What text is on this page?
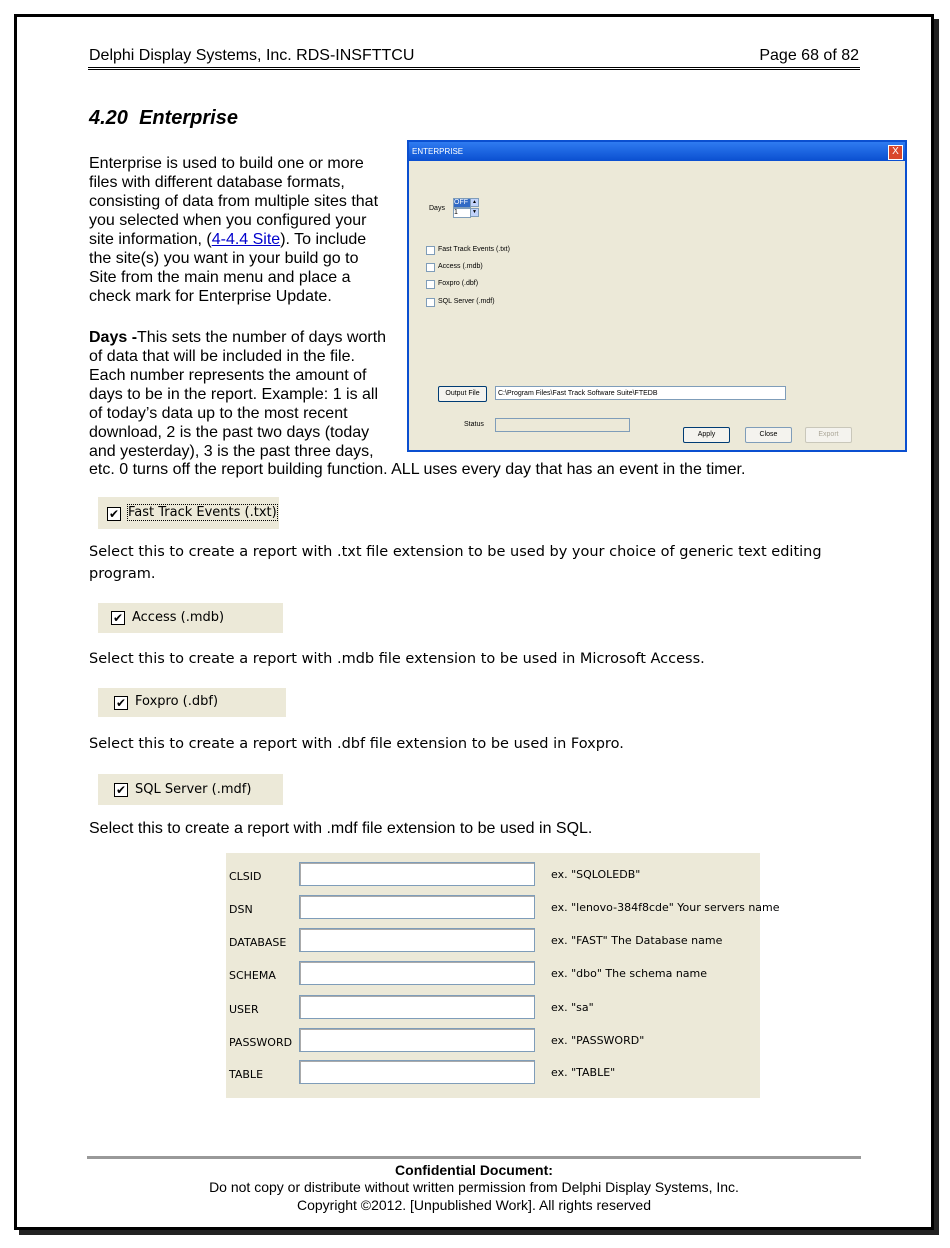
Delphi Display Systems, Inc. RDS-INSFTTCU	Page 68 of 82
4.20 Enterprise
Enterprise is used to build one or more files with different database formats, consisting of data from multiple sites that you selected when you configured your site information, (4-4.4 Site). To include the site(s) you want in your build go to Site from the main menu and place a check mark for Enterprise Update.
Days -This sets the number of days worth of data that will be included in the file. Each number represents the amount of days to be in the report. Example: 1 is all of today’s data up to the most recent download, 2 is the past two days (today and yesterday), 3 is the past three days,
etc. 0 turns off the report building function. ALL uses every day that has an event in the timer.
ENTERPRISE	X
Days
OFF
1
▲
▼
Fast Track Events (.txt)
Access (.mdb)
Foxpro (.dbf)
SQL Server (.mdf)
Output File	C:\Program Files\Fast Track Software Suite\FTEDB
Status
Apply	Close	Export
✔ Fast Track Events (.txt)
Select this to create a report with .txt file extension to be used by your choice of generic text editing program.
✔ Access (.mdb)
Select this to create a report with .mdb file extension to be used in Microsoft Access.
✔ Foxpro (.dbf)
Select this to create a report with .dbf file extension to be used in Foxpro.
✔ SQL Server (.mdf)
Select this to create a report with .mdf file extension to be used in SQL.
CLSID	ex. "SQLOLEDB"
DSN	ex. "lenovo-384f8cde" Your servers name
DATABASE	ex. "FAST" The Database name
SCHEMA	ex. "dbo" The schema name
USER	ex. "sa"
PASSWORD	ex. "PASSWORD"
TABLE	ex. "TABLE"
Confidential Document:
Do not copy or distribute without written permission from Delphi Display Systems, Inc.
Copyright ©2012. [Unpublished Work]. All rights reserved
